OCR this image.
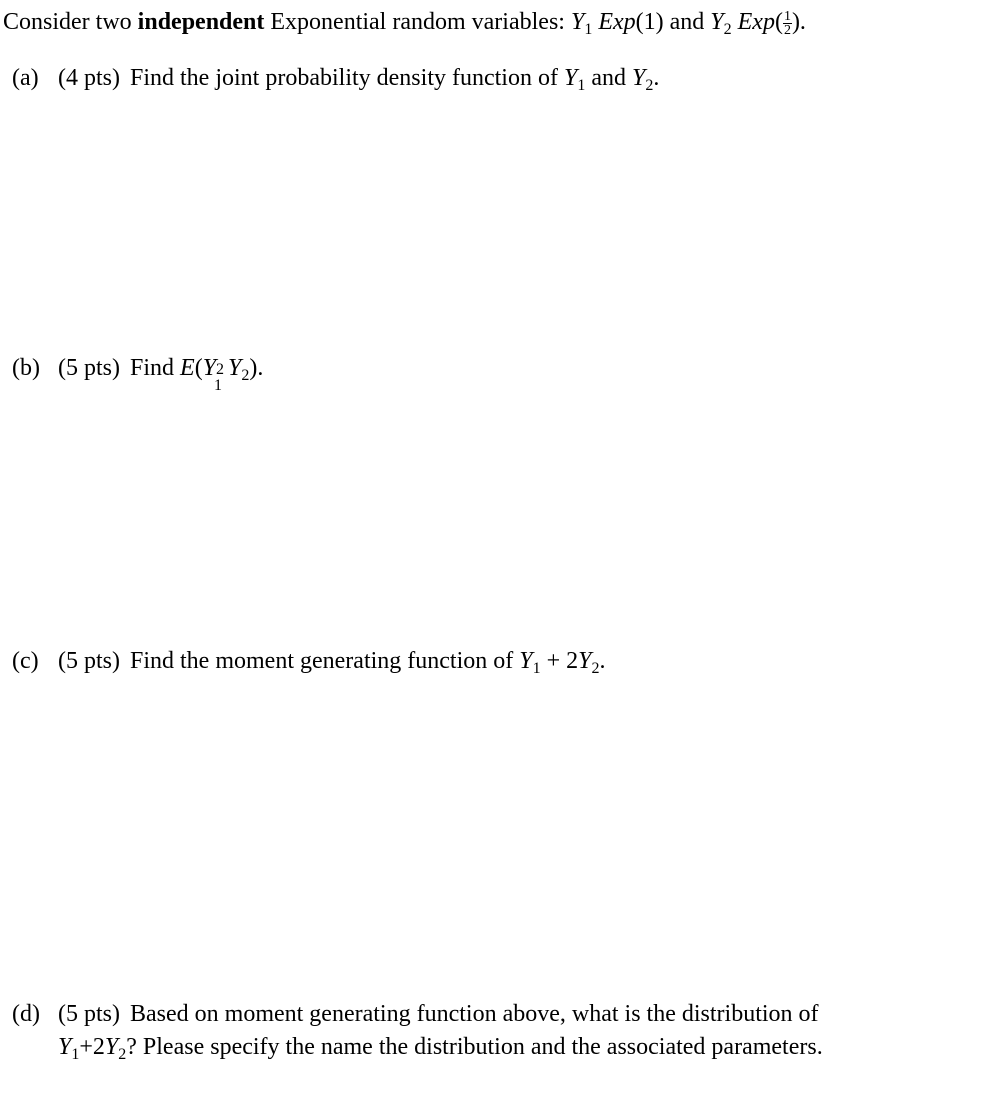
Consider two independent Exponential random variables: $Y_1$ Exp(1) and $Y_2$ $Exp( \frac{1}{2}$ ).
(a) (4 pts) Find the joint probability density function of $Y_1$ and $Y_2$.
(b) (5 pts) Find E(Y 2
1
$Y_2$).
(c) (5 pts) Find the moment generating function of $Y_1 + 2Y_2$.
(d) (5 pts) Based on moment generating function above, what is the distribution of
$Y_1+2Y_2$? Please specify the name the distribution and the associated parameters.
